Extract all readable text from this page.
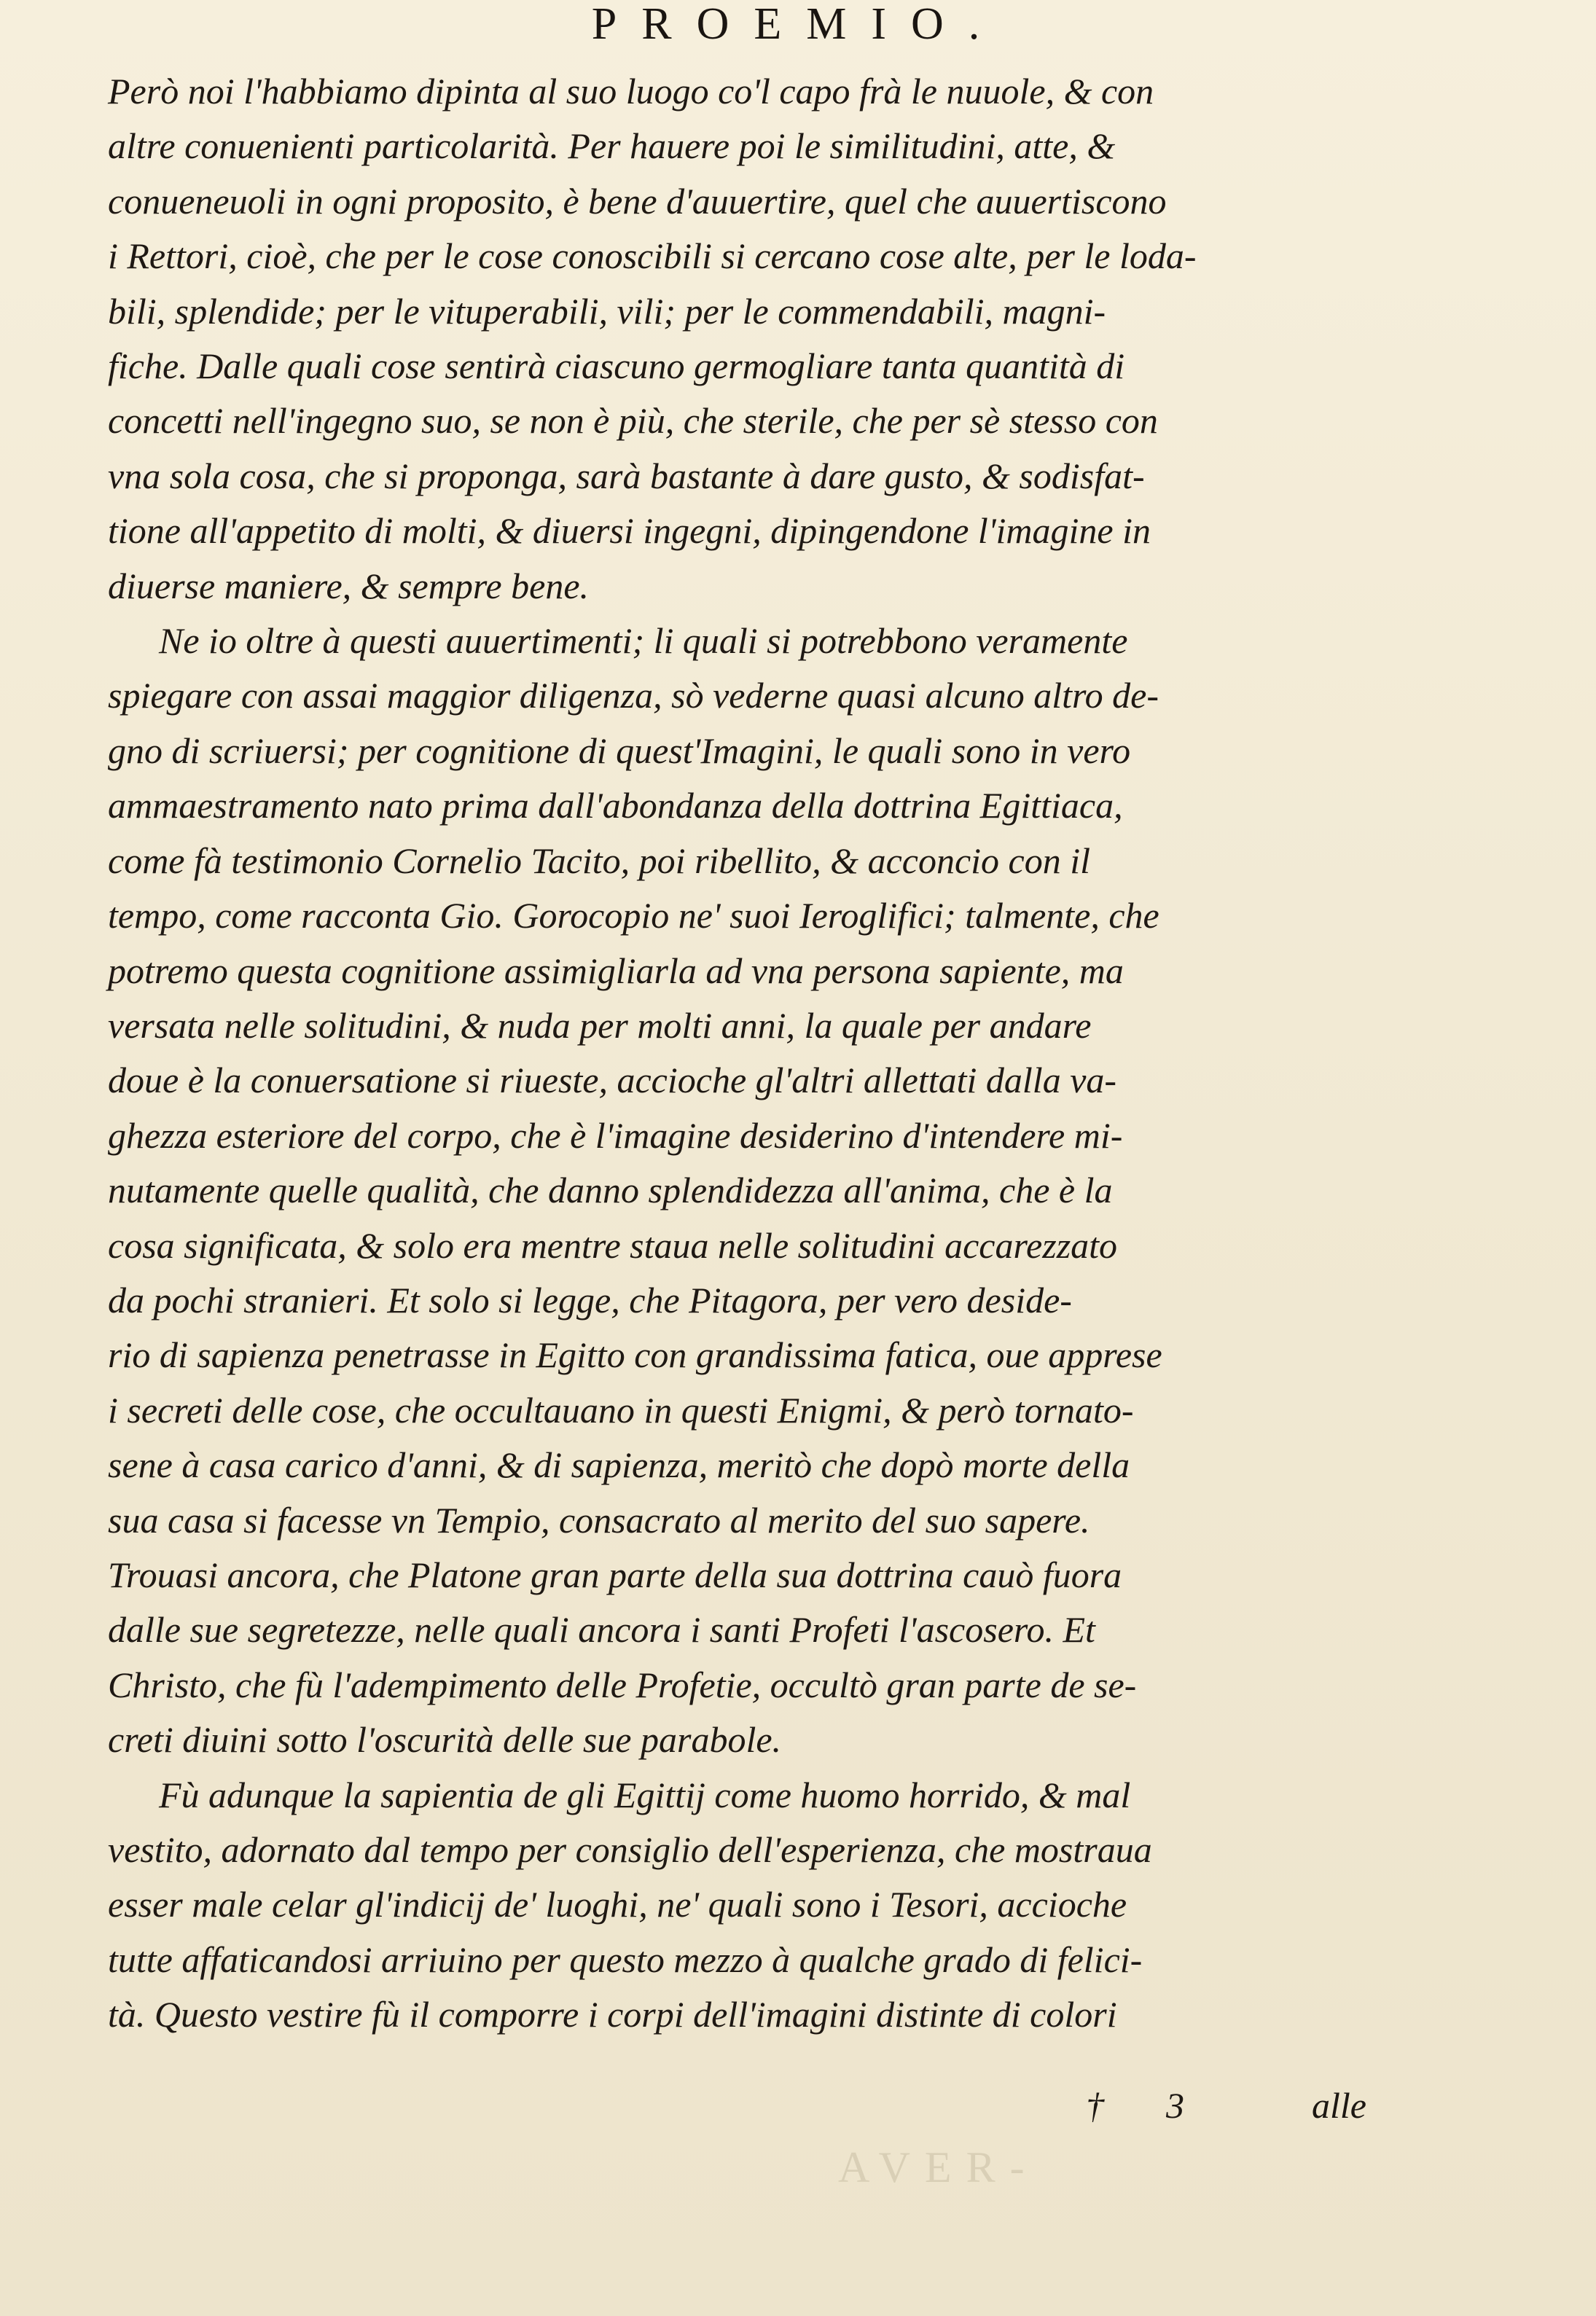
PROEMIO.
Però noi l'habbiamo dipinta al suo luogo co'l capo frà le nuuole, & con
altre conuenienti particolarità. Per hauere poi le similitudini, atte, &
conueneuoli in ogni proposito, è bene d'auuertire, quel che auuertiscono
i Rettori, cioè, che per le cose conoscibili si cercano cose alte, per le loda-
bili, splendide; per le vituperabili, vili; per le commendabili, magni-
fiche. Dalle quali cose sentirà ciascuno germogliare tanta quantità di
concetti nell'ingegno suo, se non è più, che sterile, che per sè stesso con
vna sola cosa, che si proponga, sarà bastante à dare gusto, & sodisfat-
tione all'appetito di molti, & diuersi ingegni, dipingendone l'imagine in
diuerse maniere, & sempre bene.
Ne io oltre à questi auuertimenti; li quali si potrebbono veramente
spiegare con assai maggior diligenza, sò vederne quasi alcuno altro de-
gno di scriuersi; per cognitione di quest'Imagini, le quali sono in vero
ammaestramento nato prima dall'abondanza della dottrina Egittiaca,
come fà testimonio Cornelio Tacito, poi ribellito, & acconcio con il
tempo, come racconta Gio. Gorocopio ne' suoi Ieroglifici; talmente, che
potremo questa cognitione assimigliarla ad vna persona sapiente, ma
versata nelle solitudini, & nuda per molti anni, la quale per andare
doue è la conuersatione si riueste, accioche gl'altri allettati dalla va-
ghezza esteriore del corpo, che è l'imagine desiderino d'intendere mi-
nutamente quelle qualità, che danno splendidezza all'anima, che è la
cosa significata, & solo era mentre staua nelle solitudini accarezzato
da pochi stranieri. Et solo si legge, che Pitagora, per vero deside-
rio di sapienza penetrasse in Egitto con grandissima fatica, oue apprese
i secreti delle cose, che occultauano in questi Enigmi, & però tornato-
sene à casa carico d'anni, & di sapienza, meritò che dopò morte della
sua casa si facesse vn Tempio, consacrato al merito del suo sapere.
Trouasi ancora, che Platone gran parte della sua dottrina cauò fuora
dalle sue segretezze, nelle quali ancora i santi Profeti l'ascosero. Et
Christo, che fù l'adempimento delle Profetie, occultò gran parte de se-
creti diuini sotto l'oscurità delle sue parabole.
Fù adunque la sapientia de gli Egittij come huomo horrido, & mal
vestito, adornato dal tempo per consiglio dell'esperienza, che mostraua
esser male celar gl'indicij de' luoghi, ne' quali sono i Tesori, accioche
tutte affaticandosi arriuino per questo mezzo à qualche grado di felici-
tà. Questo vestire fù il comporre i corpi dell'imagini distinte di colori
AVER-
† 3	alle
